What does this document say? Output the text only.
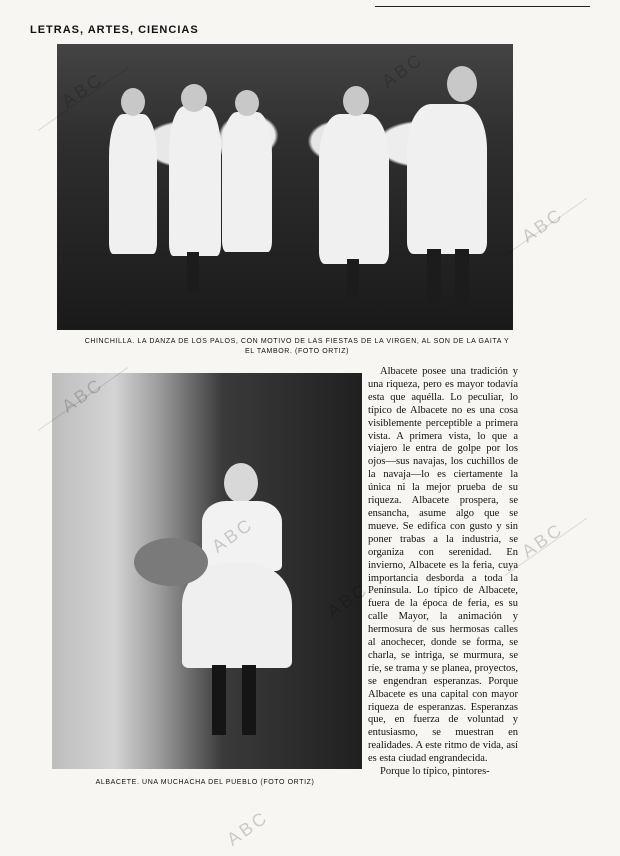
LETRAS, ARTES, CIENCIAS
CHINCHILLA. LA DANZA DE LOS PALOS, CON MOTIVO DE LAS FIESTAS DE LA VIRGEN, AL SON DE LA GAITA Y EL TAMBOR. (FOTO ORTIZ)
ALBACETE. UNA MUCHACHA DEL PUEBLO (FOTO ORTIZ)

Albacete posee una tradición y una riqueza, pero es mayor todavía esta que aquélla. Lo peculiar, lo típico de Albacete no es una cosa visiblemente perceptible a primera vista. A primera vista, lo que a viajero le entra de golpe por los ojos—sus navajas, los cuchillos de la navaja—lo es ciertamente la única ni la mejor prueba de su riqueza. Albacete prospera, se ensancha, asume algo que se mueve. Se edifica con gusto y sin poner trabas a la industria, se organiza con serenidad. En invierno, Albacete es la feria, cuya importancia desborda a toda la Península. Lo típico de Albacete, fuera de la época de feria, es su calle Mayor, la animación y hermosura de sus hermosas calles al anochecer, donde se forma, se charla, se intriga, se murmura, se ríe, se trama y se planea, proyectos, se engendran esperanzas. Porque Albacete es una capital con mayor riqueza de esperanzas. Esperanzas que, en fuerza de voluntad y entusiasmo, se muestran en realidades. A este ritmo de vida, así es esta ciudad engrandecida.

Porque lo típico, pintores-

ABC
ABC
ABC
